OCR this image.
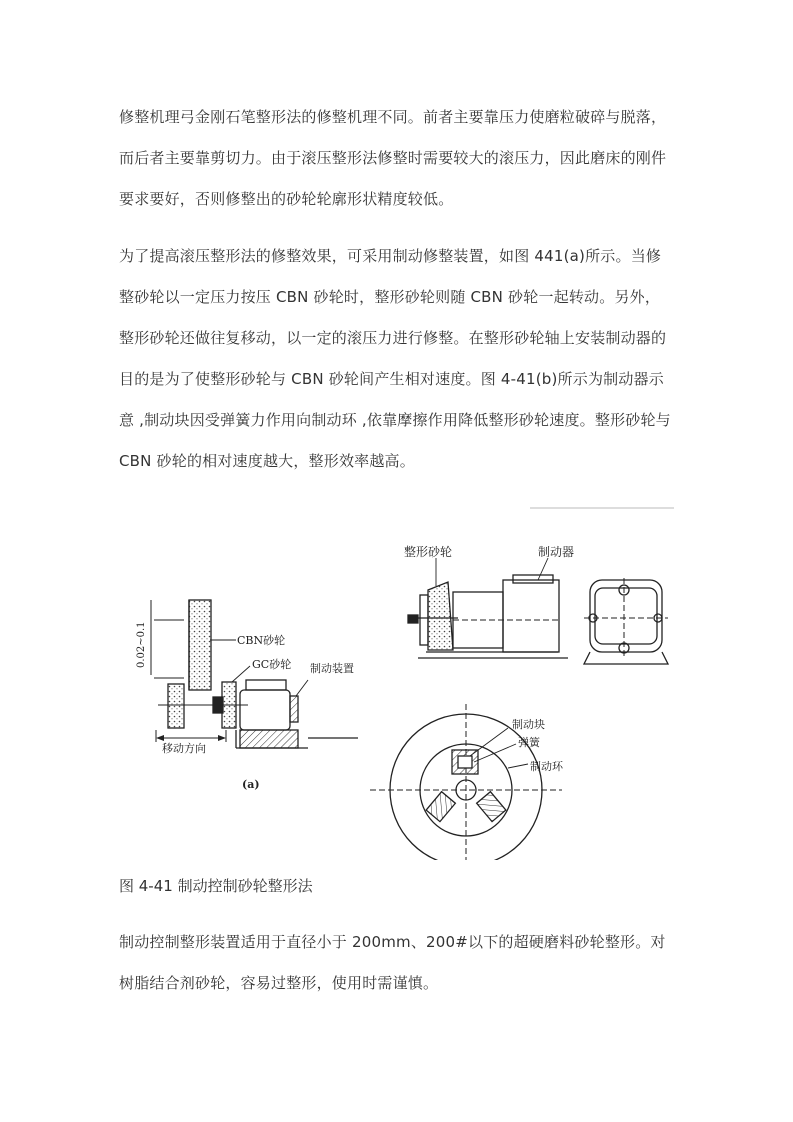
修整机理弓金刚石笔整形法的修整机理不同。前者主要靠压力使磨粒破碎与脱落，而后者主要靠剪切力。由于滚压整形法修整时需要较大的滚压力，因此磨床的刚件要求要好，否则修整出的砂轮轮廓形状精度较低。

为了提高滚压整形法的修整效果，可采用制动修整装置，如图 441(a)所示。当修整砂轮以一定压力按压 CBN 砂轮时，整形砂轮则随 CBN 砂轮一起转动。另外，整形砂轮还做往复移动，以一定的滚压力进行修整。在整形砂轮轴上安装制动器的目的是为了使整形砂轮与 CBN 砂轮间产生相对速度。图 4-41(b)所示为制动器示意 ,制动块因受弹簧力作用向制动环 ,依靠摩擦作用降低整形砂轮速度。整形砂轮与 CBN 砂轮的相对速度越大，整形效率越高。

0.02~0.1	CBN砂轮
GC砂轮 制动装置
移动方向
(a)
整形砂轮	制动器
制动块
弹簧
制动环

图 4-41 制动控制砂轮整形法

制动控制整形装置适用于直径小于 200mm、200#以下的超硬磨料砂轮整形。对树脂结合剂砂轮，容易过整形，使用时需谨慎。
